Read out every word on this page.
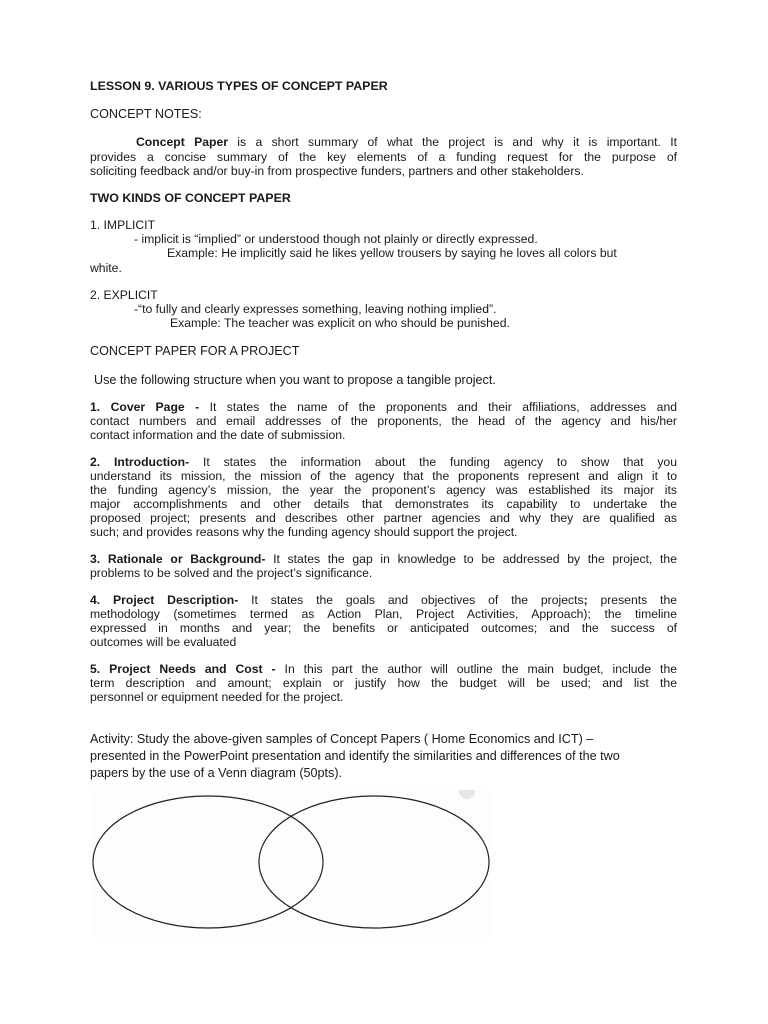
LESSON 9. VARIOUS TYPES OF CONCEPT PAPER
CONCEPT NOTES:
Concept Paper is a short summary of what the project is and why it is important. It
provides a concise summary of the key elements of a funding request for the purpose of
soliciting feedback and/or buy-in from prospective funders, partners and other stakeholders.
TWO KINDS OF CONCEPT PAPER
1. IMPLICIT
- implicit is “implied” or understood though not plainly or directly expressed.
Example: He implicitly said he likes yellow trousers by saying he loves all colors but
white.
2. EXPLICIT
-“to fully and clearly expresses something, leaving nothing implied”.
Example: The teacher was explicit on who should be punished.
CONCEPT PAPER FOR A PROJECT
Use the following structure when you want to propose a tangible project.
1. Cover Page - It states the name of the proponents and their affiliations, addresses and
contact numbers and email addresses of the proponents, the head of the agency and his/her
contact information and the date of submission.
2. Introduction- It states the information about the funding agency to show that you
understand its mission, the mission of the agency that the proponents represent and align it to
the funding agency’s mission, the year the proponent’s agency was established its major its
major accomplishments and other details that demonstrates its capability to undertake the
proposed project; presents and describes other partner agencies and why they are qualified as
such; and provides reasons why the funding agency should support the project.
3. Rationale or Background- It states the gap in knowledge to be addressed by the project, the
problems to be solved and the project’s significance.
4. Project Description- It states the goals and objectives of the projects; presents the
methodology (sometimes termed as Action Plan, Project Activities, Approach); the timeline
expressed in months and year; the benefits or anticipated outcomes; and the success of
outcomes will be evaluated
5. Project Needs and Cost - In this part the author will outline the main budget, include the
term description and amount; explain or justify how the budget will be used; and list the
personnel or equipment needed for the project.
Activity: Study the above-given samples of Concept Papers ( Home Economics and ICT) –
presented in the PowerPoint presentation and identify the similarities and differences of the two
papers by the use of a Venn diagram (50pts).
